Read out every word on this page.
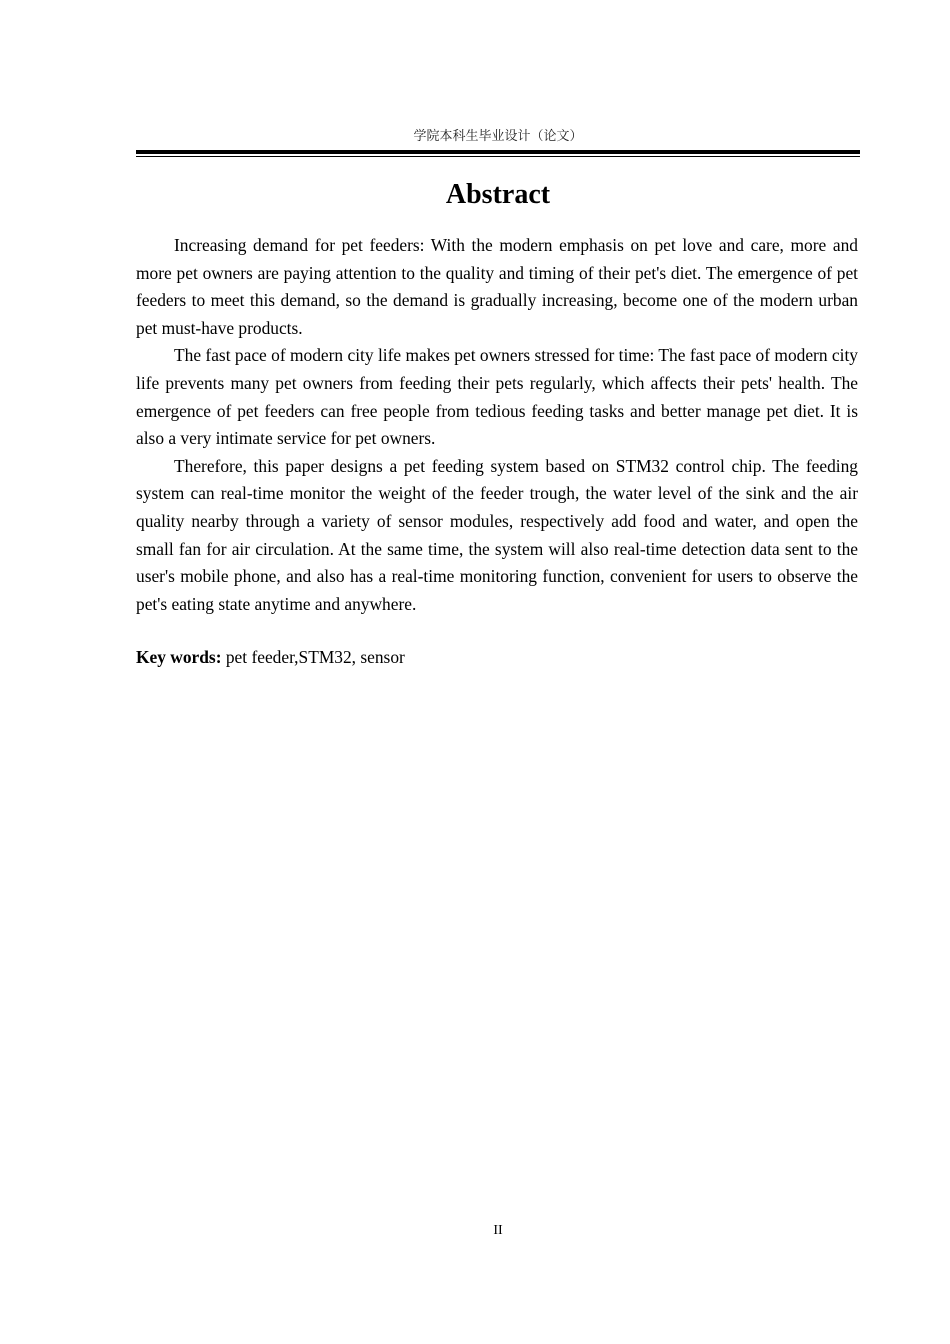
学院本科生毕业设计（论文）
Abstract

Increasing demand for pet feeders: With the modern emphasis on pet love and care, more and more pet owners are paying attention to the quality and timing of their pet's diet. The emergence of pet feeders to meet this demand, so the demand is gradually increasing, become one of the modern urban pet must-have products.

The fast pace of modern city life makes pet owners stressed for time: The fast pace of modern city life prevents many pet owners from feeding their pets regularly, which affects their pets' health. The emergence of pet feeders can free people from tedious feeding tasks and better manage pet diet. It is also a very intimate service for pet owners.

Therefore, this paper designs a pet feeding system based on STM32 control chip. The feeding system can real-time monitor the weight of the feeder trough, the water level of the sink and the air quality nearby through a variety of sensor modules, respectively add food and water, and open the small fan for air circulation. At the same time, the system will also real-time detection data sent to the user's mobile phone, and also has a real-time monitoring function, convenient for users to observe the pet's eating state anytime and anywhere.

Key words: pet feeder,STM32, sensor

II
